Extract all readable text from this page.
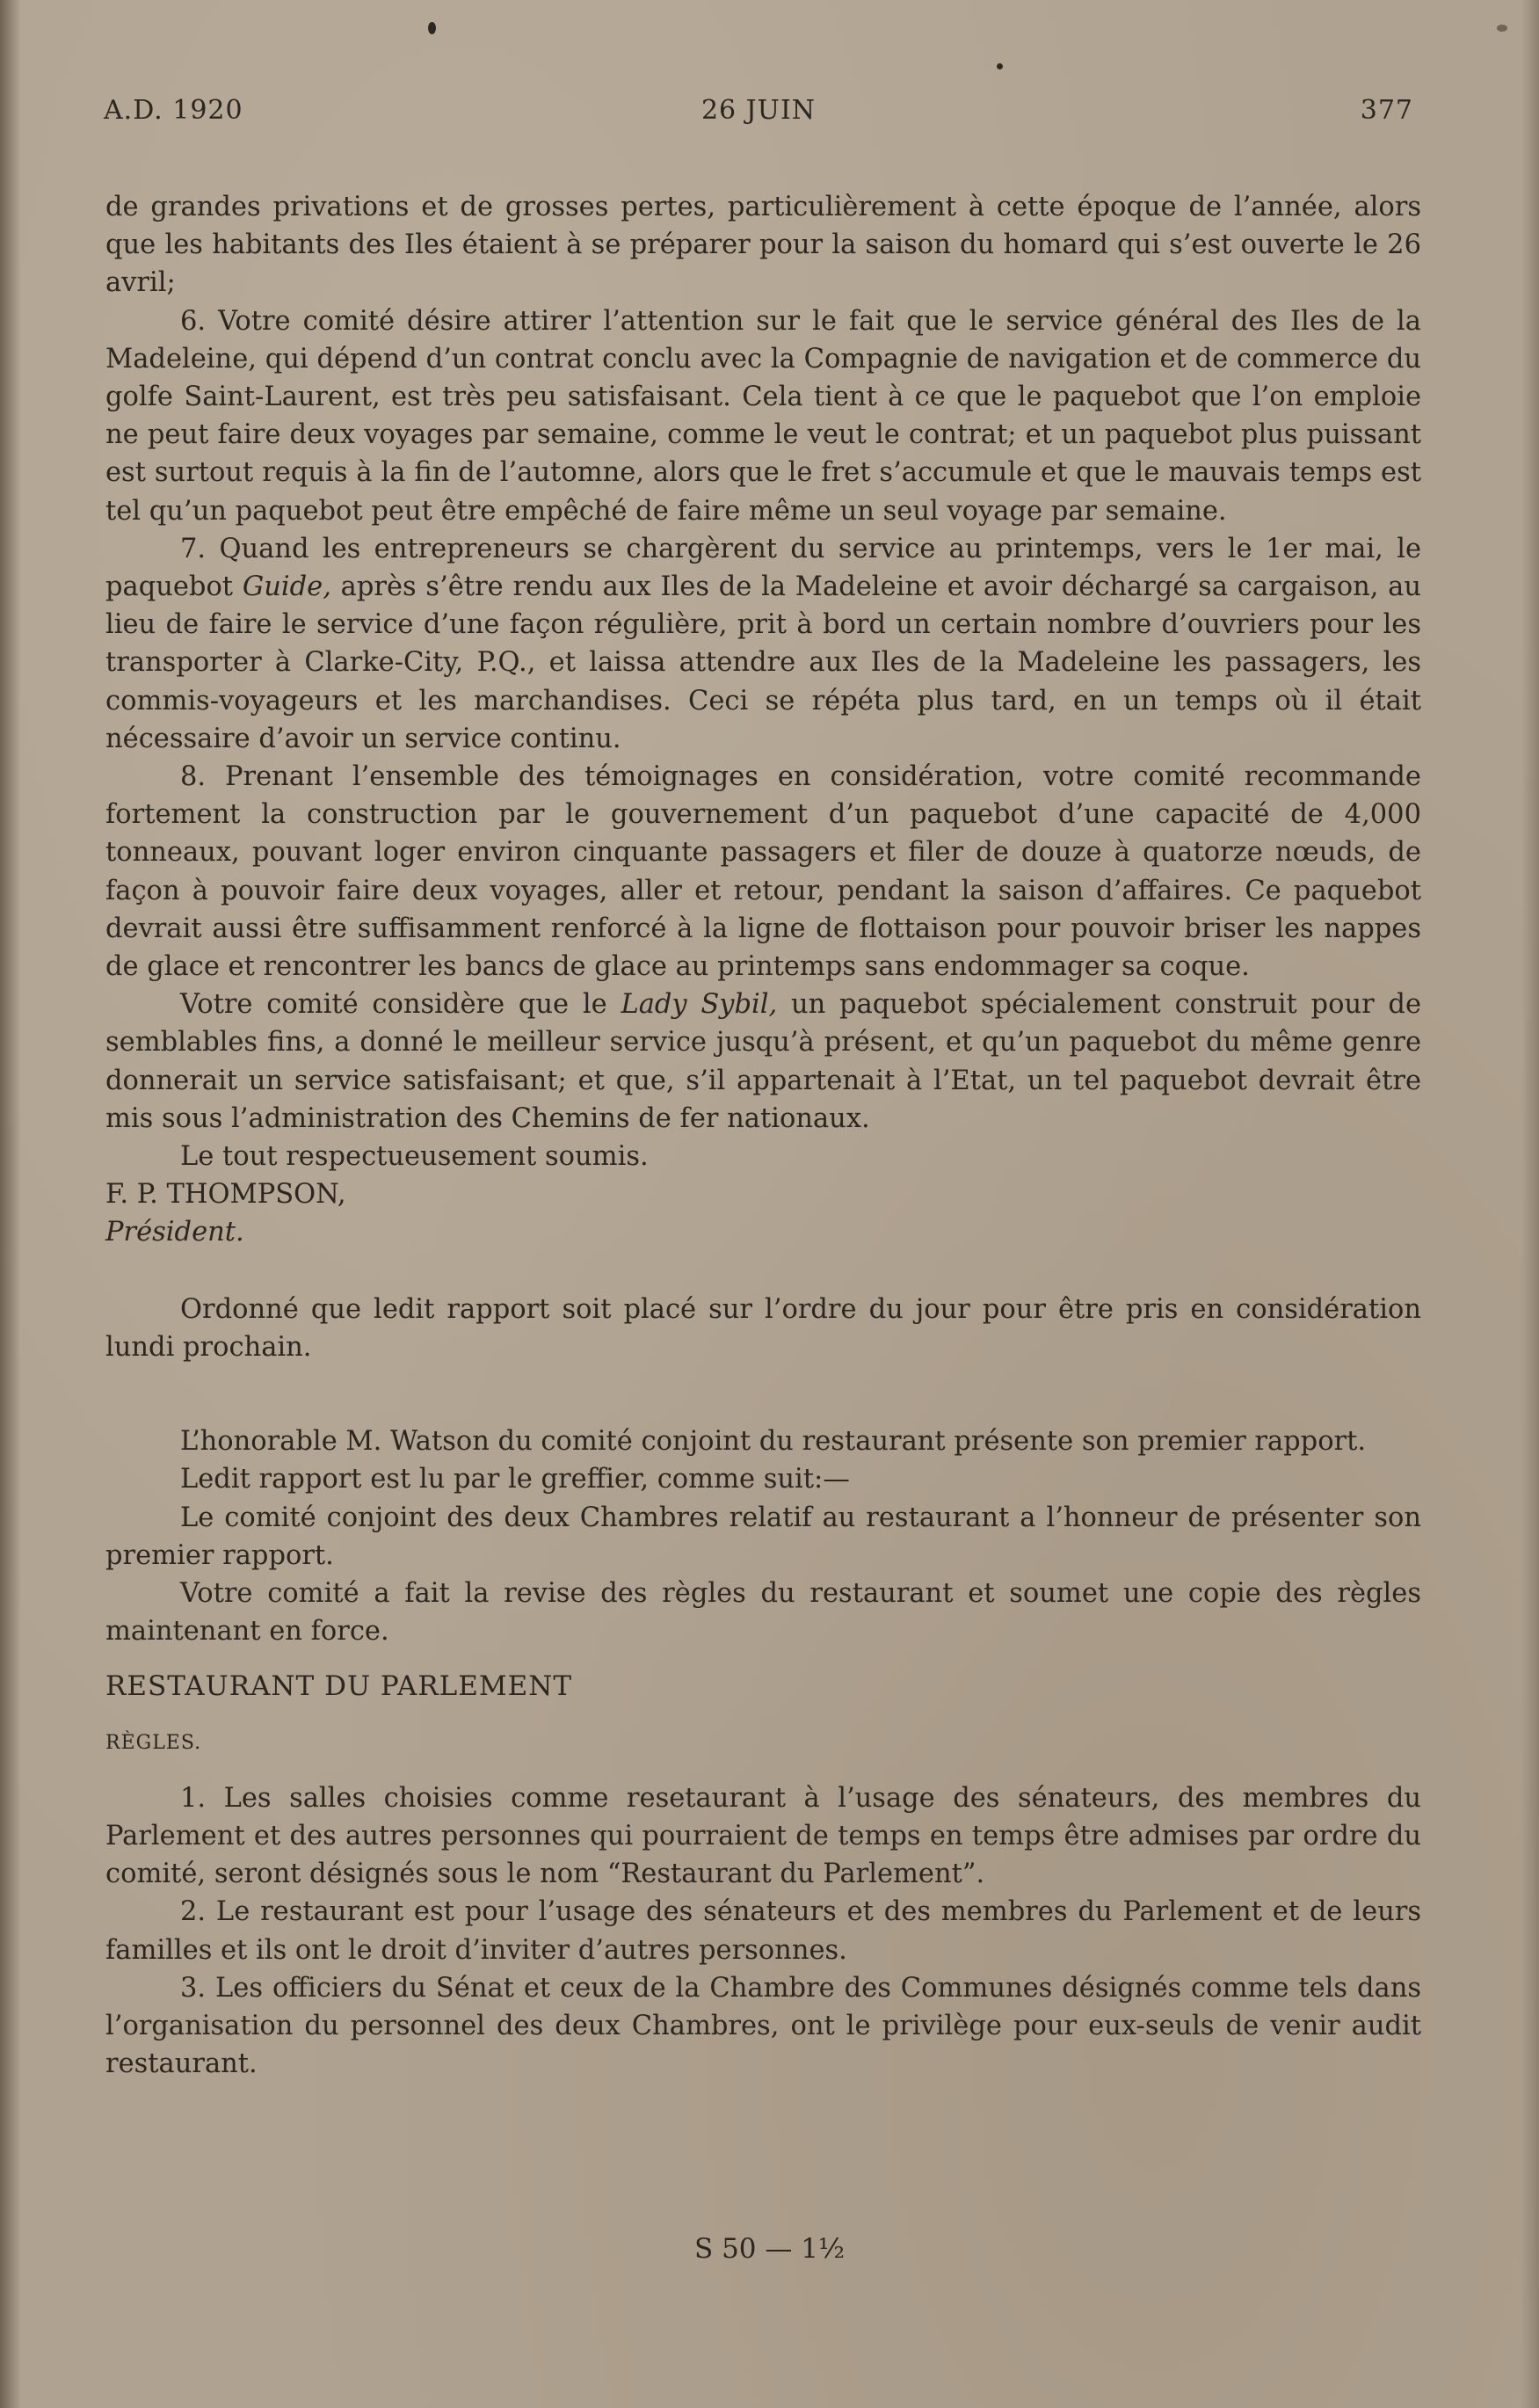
A.D. 1920	26 JUIN	377

de grandes privations et de grosses pertes, particulièrement à cette époque de l’année, alors que les habitants des Iles étaient à se préparer pour la saison du homard qui s’est ouverte le 26 avril;

6. Votre comité désire attirer l’attention sur le fait que le service général des Iles de la Madeleine, qui dépend d’un contrat conclu avec la Compagnie de navigation et de commerce du golfe Saint-Laurent, est très peu satisfaisant. Cela tient à ce que le paquebot que l’on emploie ne peut faire deux voyages par semaine, comme le veut le contrat; et un paquebot plus puissant est surtout requis à la fin de l’automne, alors que le fret s’accumule et que le mauvais temps est tel qu’un paquebot peut être empêché de faire même un seul voyage par semaine.

7. Quand les entrepreneurs se chargèrent du service au printemps, vers le 1er mai, le paquebot Guide, après s’être rendu aux Iles de la Madeleine et avoir déchargé sa cargaison, au lieu de faire le service d’une façon régulière, prit à bord un certain nombre d’ouvriers pour les transporter à Clarke-City, P.Q., et laissa attendre aux Iles de la Madeleine les passagers, les commis-voyageurs et les marchandises. Ceci se répéta plus tard, en un temps où il était nécessaire d’avoir un service continu.

8. Prenant l’ensemble des témoignages en considération, votre comité recommande fortement la construction par le gouvernement d’un paquebot d’une capacité de 4,000 tonneaux, pouvant loger environ cinquante passagers et filer de douze à quatorze nœuds, de façon à pouvoir faire deux voyages, aller et retour, pendant la saison d’affaires. Ce paquebot devrait aussi être suffisamment renforcé à la ligne de flottaison pour pouvoir briser les nappes de glace et rencontrer les bancs de glace au printemps sans endommager sa coque.

Votre comité considère que le Lady Sybil, un paquebot spécialement construit pour de semblables fins, a donné le meilleur service jusqu’à présent, et qu’un paquebot du même genre donnerait un service satisfaisant; et que, s’il appartenait à l’Etat, un tel paquebot devrait être mis sous l’administration des Chemins de fer nationaux.

Le tout respectueusement soumis.

F. P. THOMPSON,

Président.

Ordonné que ledit rapport soit placé sur l’ordre du jour pour être pris en considération lundi prochain.

L’honorable M. Watson du comité conjoint du restaurant présente son premier rapport.

Ledit rapport est lu par le greffier, comme suit:—

Le comité conjoint des deux Chambres relatif au restaurant a l’honneur de présenter son premier rapport.

Votre comité a fait la revise des règles du restaurant et soumet une copie des règles maintenant en force.

RESTAURANT DU PARLEMENT

RÈGLES.

1. Les salles choisies comme resetaurant à l’usage des sénateurs, des membres du Parlement et des autres personnes qui pourraient de temps en temps être admises par ordre du comité, seront désignés sous le nom “Restaurant du Parlement”.

2. Le restaurant est pour l’usage des sénateurs et des membres du Parlement et de leurs familles et ils ont le droit d’inviter d’autres personnes.

3. Les officiers du Sénat et ceux de la Chambre des Communes désignés comme tels dans l’organisation du personnel des deux Chambres, ont le privilège pour eux-seuls de venir audit restaurant.

S 50 — 1½
